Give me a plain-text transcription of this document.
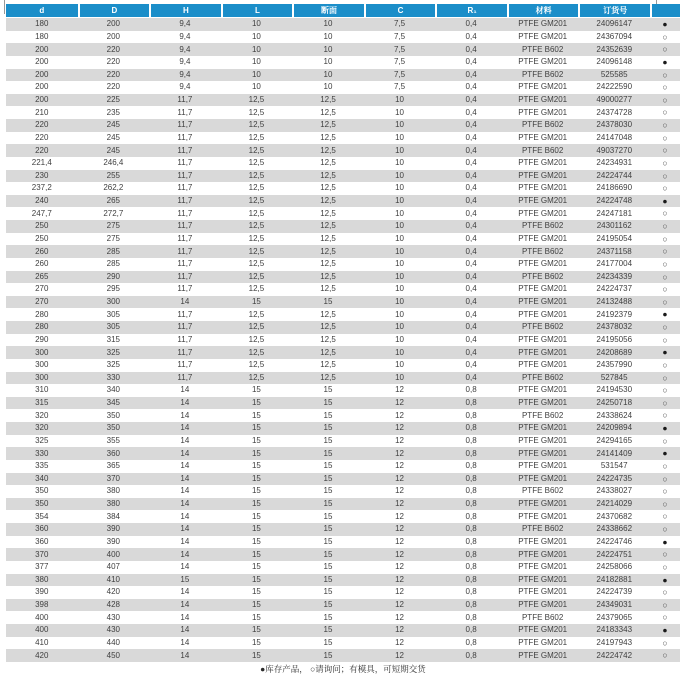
d	D	H	L	断面	C	R₁	材料	订货号
180	200	9,4	10	10	7,5	0,4	PTFE GM201	24096147	●
180	200	9,4	10	10	7,5	0,4	PTFE GM201	24367094	○
200	220	9,4	10	10	7,5	0,4	PTFE B602	24352639	○
200	220	9,4	10	10	7,5	0,4	PTFE GM201	24096148	●
200	220	9,4	10	10	7,5	0,4	PTFE B602	525585	○
200	220	9,4	10	10	7,5	0,4	PTFE GM201	24222590	○
200	225	11,7	12,5	12,5	10	0,4	PTFE GM201	49000277	○
210	235	11,7	12,5	12,5	10	0,4	PTFE GM201	24374728	○
220	245	11,7	12,5	12,5	10	0,4	PTFE B602	24378030	○
220	245	11,7	12,5	12,5	10	0,4	PTFE GM201	24147048	○
220	245	11,7	12,5	12,5	10	0,4	PTFE B602	49037270	○
221,4	246,4	11,7	12,5	12,5	10	0,4	PTFE GM201	24234931	○
230	255	11,7	12,5	12,5	10	0,4	PTFE GM201	24224744	○
237,2	262,2	11,7	12,5	12,5	10	0,4	PTFE GM201	24186690	○
240	265	11,7	12,5	12,5	10	0,4	PTFE GM201	24224748	●
247,7	272,7	11,7	12,5	12,5	10	0,4	PTFE GM201	24247181	○
250	275	11,7	12,5	12,5	10	0,4	PTFE B602	24301162	○
250	275	11,7	12,5	12,5	10	0,4	PTFE GM201	24195054	○
260	285	11,7	12,5	12,5	10	0,4	PTFE B602	24371158	○
260	285	11,7	12,5	12,5	10	0,4	PTFE GM201	24177004	○
265	290	11,7	12,5	12,5	10	0,4	PTFE B602	24234339	○
270	295	11,7	12,5	12,5	10	0,4	PTFE GM201	24224737	○
270	300	14	15	15	10	0,4	PTFE GM201	24132488	○
280	305	11,7	12,5	12,5	10	0,4	PTFE GM201	24192379	●
280	305	11,7	12,5	12,5	10	0,4	PTFE B602	24378032	○
290	315	11,7	12,5	12,5	10	0,4	PTFE GM201	24195056	○
300	325	11,7	12,5	12,5	10	0,4	PTFE GM201	24208689	●
300	325	11,7	12,5	12,5	10	0,4	PTFE GM201	24357990	○
300	330	11,7	12,5	12,5	10	0,4	PTFE B602	527845	○
310	340	14	15	15	12	0,8	PTFE GM201	24194530	○
315	345	14	15	15	12	0,8	PTFE GM201	24250718	○
320	350	14	15	15	12	0,8	PTFE B602	24338624	○
320	350	14	15	15	12	0,8	PTFE GM201	24209894	●
325	355	14	15	15	12	0,8	PTFE GM201	24294165	○
330	360	14	15	15	12	0,8	PTFE GM201	24141409	●
335	365	14	15	15	12	0,8	PTFE GM201	531547	○
340	370	14	15	15	12	0,8	PTFE GM201	24224735	○
350	380	14	15	15	12	0,8	PTFE B602	24338027	○
350	380	14	15	15	12	0,8	PTFE GM201	24214029	○
354	384	14	15	15	12	0,8	PTFE GM201	24370682	○
360	390	14	15	15	12	0,8	PTFE B602	24338662	○
360	390	14	15	15	12	0,8	PTFE GM201	24224746	●
370	400	14	15	15	12	0,8	PTFE GM201	24224751	○
377	407	14	15	15	12	0,8	PTFE GM201	24258066	○
380	410	15	15	15	12	0,8	PTFE GM201	24182881	●
390	420	14	15	15	12	0,8	PTFE GM201	24224739	○
398	428	14	15	15	12	0,8	PTFE GM201	24349031	○
400	430	14	15	15	12	0,8	PTFE B602	24379065	○
400	430	14	15	15	12	0,8	PTFE GM201	24183343	●
410	440	14	15	15	12	0,8	PTFE GM201	24197943	○
420	450	14	15	15	12	0,8	PTFE GM201	24224742	○
●库存产品， ○请询问；有模具，可短期交货
